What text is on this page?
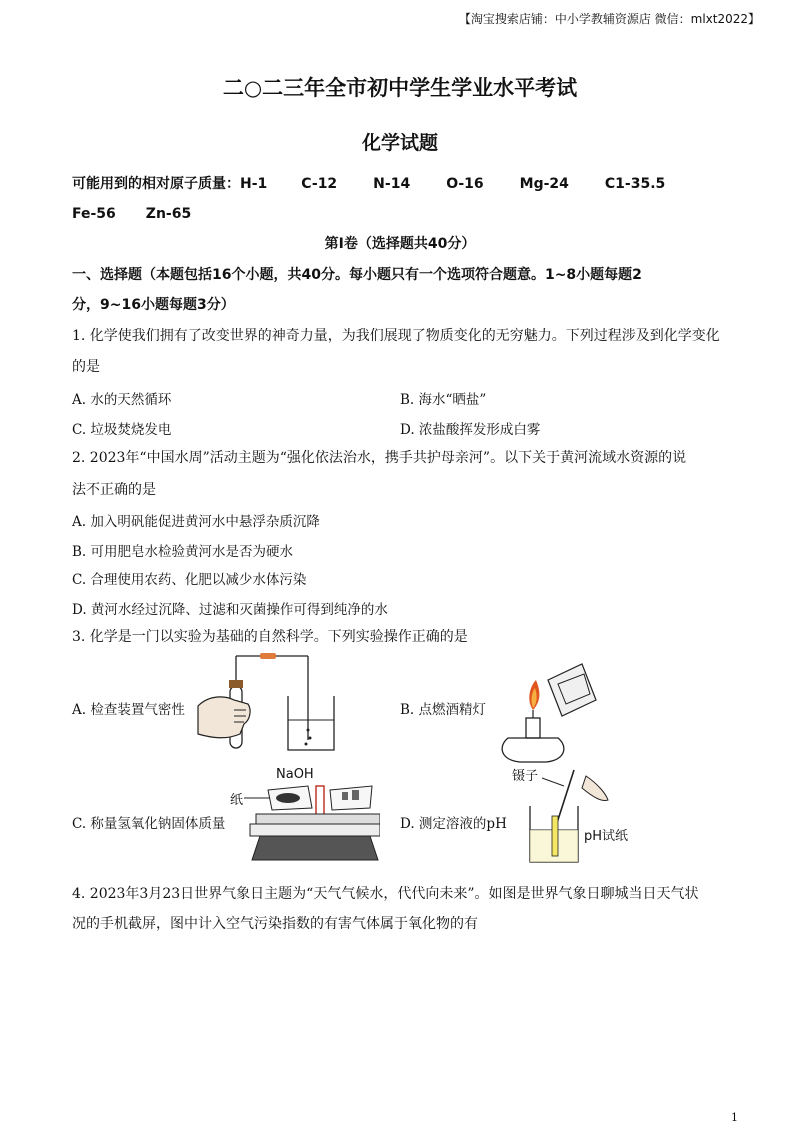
【淘宝搜索店铺：中小学教辅资源店 微信：mlxt2022】
二○二三年全市初中学生学业水平考试
化学试题
可能用到的相对原子质量：H-1 C-12	N-14	O-16	Mg-24	C1-35.5
Fe-56 Zn-65
第Ⅰ卷（选择题共40分）
一、选择题（本题包括16个小题，共40分。每小题只有一个选项符合题意。1~8小题每题2
分，9~16小题每题3分）
1. 化学使我们拥有了改变世界的神奇力量，为我们展现了物质变化的无穷魅力。下列过程涉及到化学变化
的是
A. 水的天然循环	B. 海水“晒盐”
C. 垃圾焚烧发电	D. 浓盐酸挥发形成白雾
2. 2023年“中国水周”活动主题为“强化依法治水，携手共护母亲河”。以下关于黄河流域水资源的说
法不正确的是
A. 加入明矾能促进黄河水中悬浮杂质沉降
B. 可用肥皂水检验黄河水是否为硬水
C. 合理使用农药、化肥以减少水体污染
D. 黄河水经过沉降、过滤和灭菌操作可得到纯净的水
3. 化学是一门以实验为基础的自然科学。下列实验操作正确的是
A. 检查装置气密性	B. 点燃酒精灯
C. 称量氢氧化钠固体质量
NaOH
纸
D. 测定溶液的pH
镊子
pH试纸
4. 2023年3月23日世界气象日主题为“天气气候水，代代向未来”。如图是世界气象日聊城当日天气状
况的手机截屏，图中计入空气污染指数的有害气体属于氧化物的有
1
